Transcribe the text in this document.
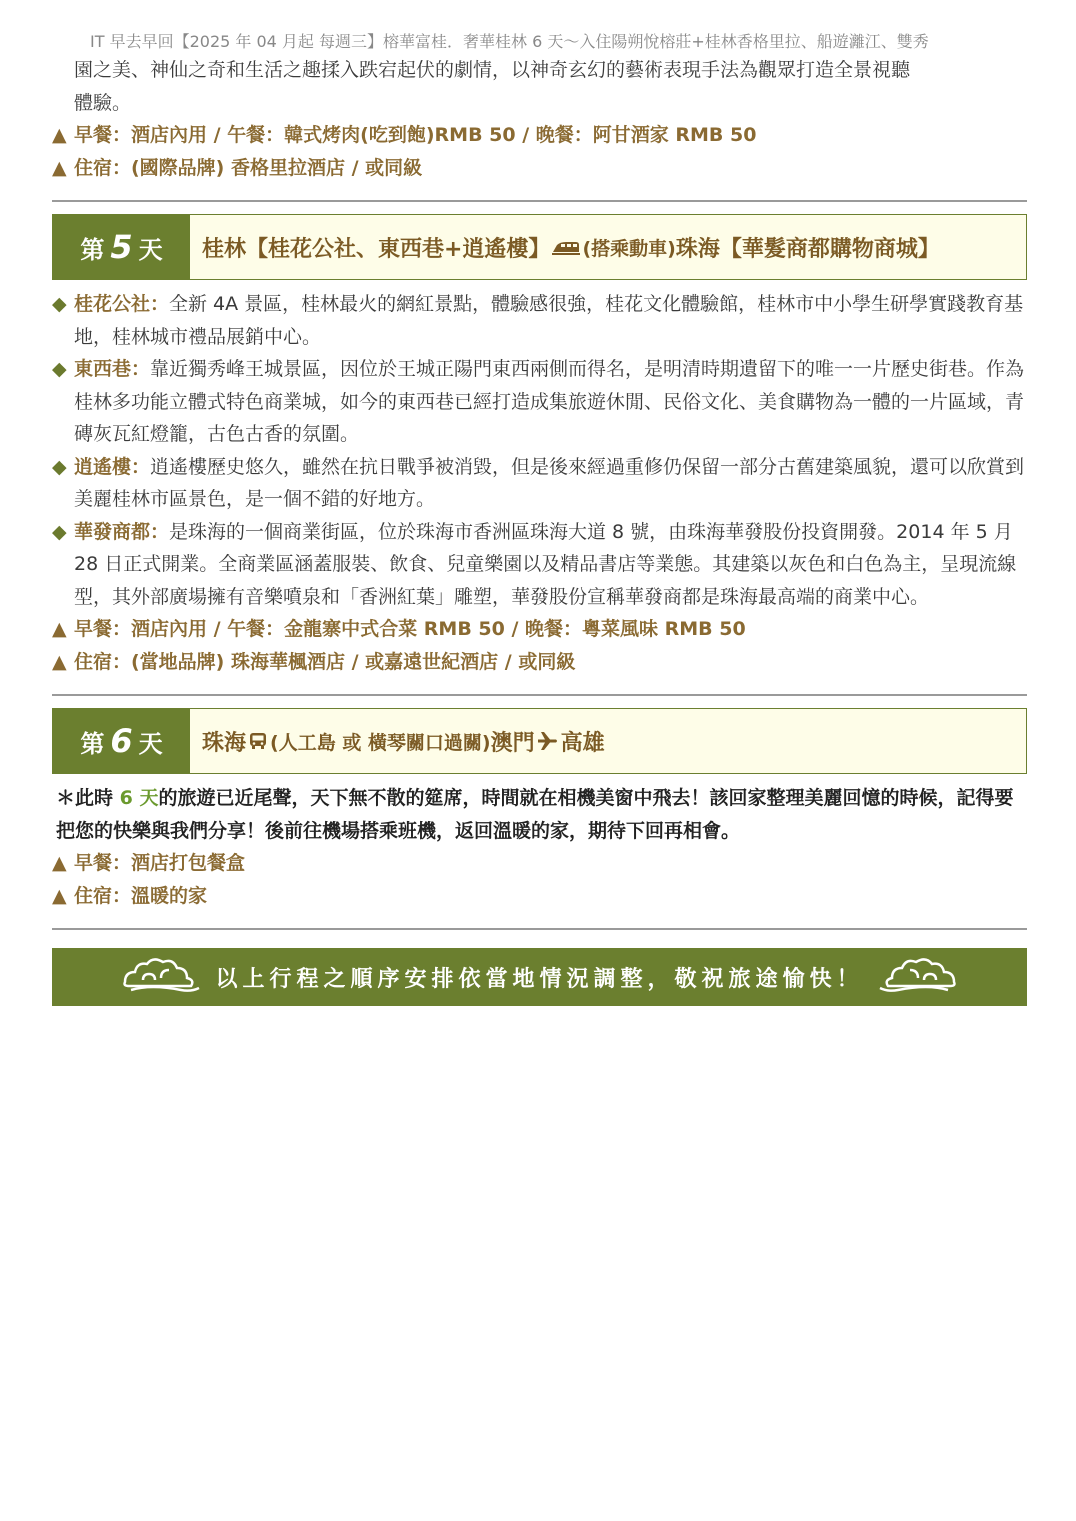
IT 早去早回【2025 年 04 月起 每週三】榕華富桂．奢華桂林 6 天～入住陽朔悅榕莊+桂林香格里拉、船遊灕江、雙秀
園之美、神仙之奇和生活之趣揉入跌宕起伏的劇情，以神奇玄幻的藝術表現手法為觀眾打造全景視聽
體驗。
▲ 早餐：酒店內用 / 午餐：韓式烤肉(吃到飽)RMB 50 / 晚餐：阿甘酒家 RMB 50
▲ 住宿：(國際品牌) 香格里拉酒店 / 或同級
第 5 天 桂林【桂花公社、東西巷+逍遙樓】 (搭乘動車) 珠海【華髮商都購物商城】
◆ 桂花公社：全新 4A 景區，桂林最火的網紅景點，體驗感很強，桂花文化體驗館，桂林市中小學生研學實踐教育基地，桂林城市禮品展銷中心。
◆ 東西巷：靠近獨秀峰王城景區，因位於王城正陽門東西兩側而得名，是明清時期遺留下的唯一一片歷史街巷。作為桂林多功能立體式特色商業城，如今的東西巷已經打造成集旅遊休閒、民俗文化、美食購物為一體的一片區域，青磚灰瓦紅燈籠，古色古香的氛圍。
◆ 逍遙樓：逍遙樓歷史悠久，雖然在抗日戰爭被消毀，但是後來經過重修仍保留一部分古舊建築風貌，還可以欣賞到美麗桂林市區景色，是一個不錯的好地方。
◆ 華發商都：是珠海的一個商業街區，位於珠海市香洲區珠海大道 8 號，由珠海華發股份投資開發。2014 年 5 月 28 日正式開業。全商業區涵蓋服裝、飲食、兒童樂園以及精品書店等業態。其建築以灰色和白色為主，呈現流線型，其外部廣場擁有音樂噴泉和「香洲紅葉」雕塑，華發股份宣稱華發商都是珠海最高端的商業中心。
▲ 早餐：酒店內用 / 午餐：金龍寨中式合菜 RMB 50 / 晚餐：粵菜風味 RMB 50
▲ 住宿：(當地品牌) 珠海華楓酒店 / 或嘉遠世紀酒店 / 或同級
第 6 天 珠海 (人工島 或 橫琴關口過關) 澳門 高雄
＊此時 6 天的旅遊已近尾聲，天下無不散的筵席，時間就在相機美窗中飛去！該回家整理美麗回憶的時候，記得要把您的快樂與我們分享！後前往機場搭乘班機，返回溫暖的家，期待下回再相會。
▲ 早餐：酒店打包餐盒
▲ 住宿：溫暖的家
以上行程之順序安排依當地情況調整，敬祝旅途愉快！
